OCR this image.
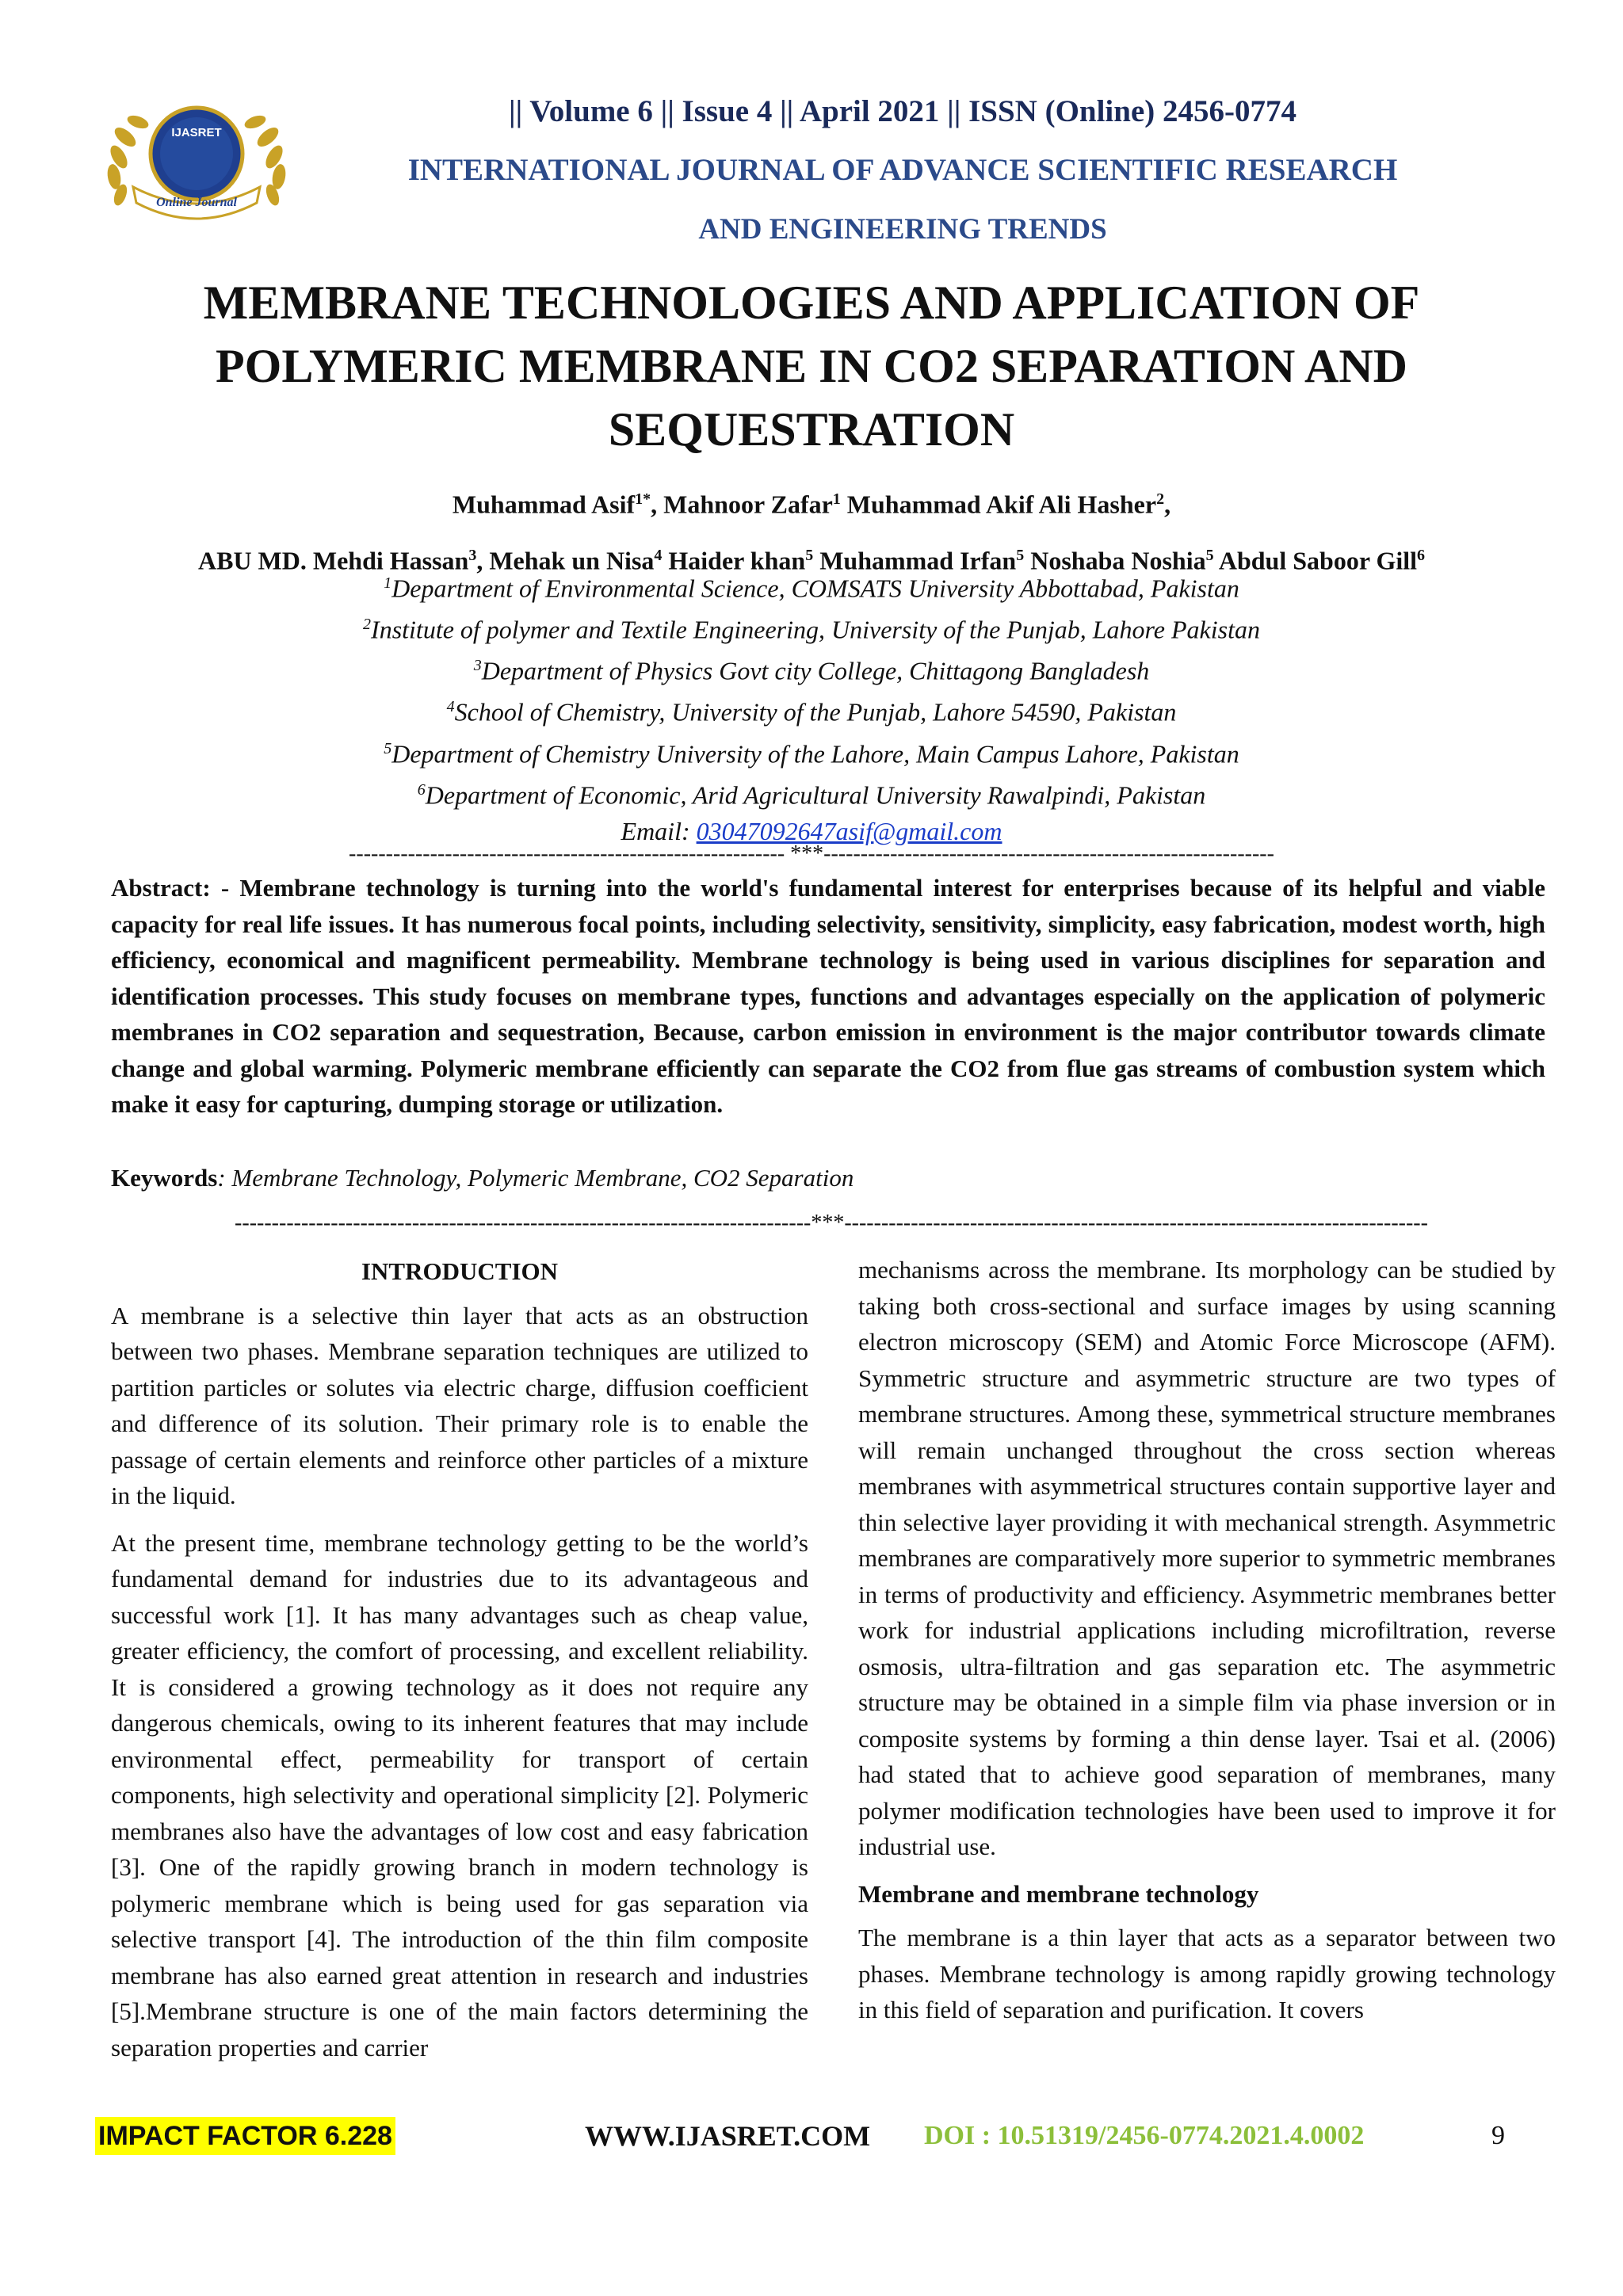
IJASRET
Online Journal
|| Volume 6 || Issue 4 || April 2021 || ISSN (Online) 2456-0774
INTERNATIONAL JOURNAL OF ADVANCE SCIENTIFIC RESEARCH
AND ENGINEERING TRENDS
MEMBRANE TECHNOLOGIES AND APPLICATION OF POLYMERIC MEMBRANE IN CO2 SEPARATION AND SEQUESTRATION
Muhammad Asif$^{1*}$, Mahnoor Zafar$^1$ Muhammad Akif Ali Hasher$^2$,
ABU MD. Mehdi Hassan$^3$, Mehak un Nisa$^4$ Haider khan$^5$ Muhammad Irfan$^5$ Noshaba Noshia$^5$ Abdul Saboor Gill$^6$
$^1$Department of Environmental Science, COMSATS University Abbottabad, Pakistan
$^2$Institute of polymer and Textile Engineering, University of the Punjab, Lahore Pakistan
$^3$Department of Physics Govt city College, Chittagong Bangladesh
$^4$School of Chemistry, University of the Punjab, Lahore 54590, Pakistan
$^5$Department of Chemistry University of the Lahore, Main Campus Lahore, Pakistan
$^6$Department of Economic, Arid Agricultural University Rawalpindi, Pakistan
Email: 03047092647asif@gmail.com
----------------------------------------------------------- ***-------------------------------------------------------------
Abstract: - Membrane technology is turning into the world's fundamental interest for enterprises because of its helpful and viable capacity for real life issues. It has numerous focal points, including selectivity, sensitivity, simplicity, easy fabrication, modest worth, high efficiency, economical and magnificent permeability. Membrane technology is being used in various disciplines for separation and identification processes. This study focuses on membrane types, functions and advantages especially on the application of polymeric membranes in CO2 separation and sequestration, Because, carbon emission in environment is the major contributor towards climate change and global warming. Polymeric membrane efficiently can separate the CO2 from flue gas streams of combustion system which make it easy for capturing, dumping storage or utilization.
Keywords: Membrane Technology, Polymeric Membrane, CO2 Separation
------------------------------------------------------------------------------***-------------------------------------------------------------------------------
INTRODUCTION

A membrane is a selective thin layer that acts as an obstruction between two phases. Membrane separation techniques are utilized to partition particles or solutes via electric charge, diffusion coefficient and difference of its solution. Their primary role is to enable the passage of certain elements and reinforce other particles of a mixture in the liquid.

At the present time, membrane technology getting to be the world’s fundamental demand for industries due to its advantageous and successful work [1]. It has many advantages such as cheap value, greater efficiency, the comfort of processing, and excellent reliability. It is considered a growing technology as it does not require any dangerous chemicals, owing to its inherent features that may include environmental effect, permeability for transport of certain components, high selectivity and operational simplicity [2]. Polymeric membranes also have the advantages of low cost and easy fabrication [3]. One of the rapidly growing branch in modern technology is polymeric membrane which is being used for gas separation via selective transport [4]. The introduction of the thin film composite membrane has also earned great attention in research and industries [5].Membrane structure is one of the main factors determining the separation properties and carrier

mechanisms across the membrane. Its morphology can be studied by taking both cross-sectional and surface images by using scanning electron microscopy (SEM) and Atomic Force Microscope (AFM). Symmetric structure and asymmetric structure are two types of membrane structures. Among these, symmetrical structure membranes will remain unchanged throughout the cross section whereas membranes with asymmetrical structures contain supportive layer and thin selective layer providing it with mechanical strength. Asymmetric membranes are comparatively more superior to symmetric membranes in terms of productivity and efficiency. Asymmetric membranes better work for industrial applications including microfiltration, reverse osmosis, ultra-filtration and gas separation etc. The asymmetric structure may be obtained in a simple film via phase inversion or in composite systems by forming a thin dense layer. Tsai et al. (2006) had stated that to achieve good separation of membranes, many polymer modification technologies have been used to improve it for industrial use.

Membrane and membrane technology

The membrane is a thin layer that acts as a separator between two phases. Membrane technology is among rapidly growing technology in this field of separation and purification. It covers

IMPACT FACTOR 6.228	WWW.IJASRET.COM DOI : 10.51319/2456-0774.2021.4.0002	9
